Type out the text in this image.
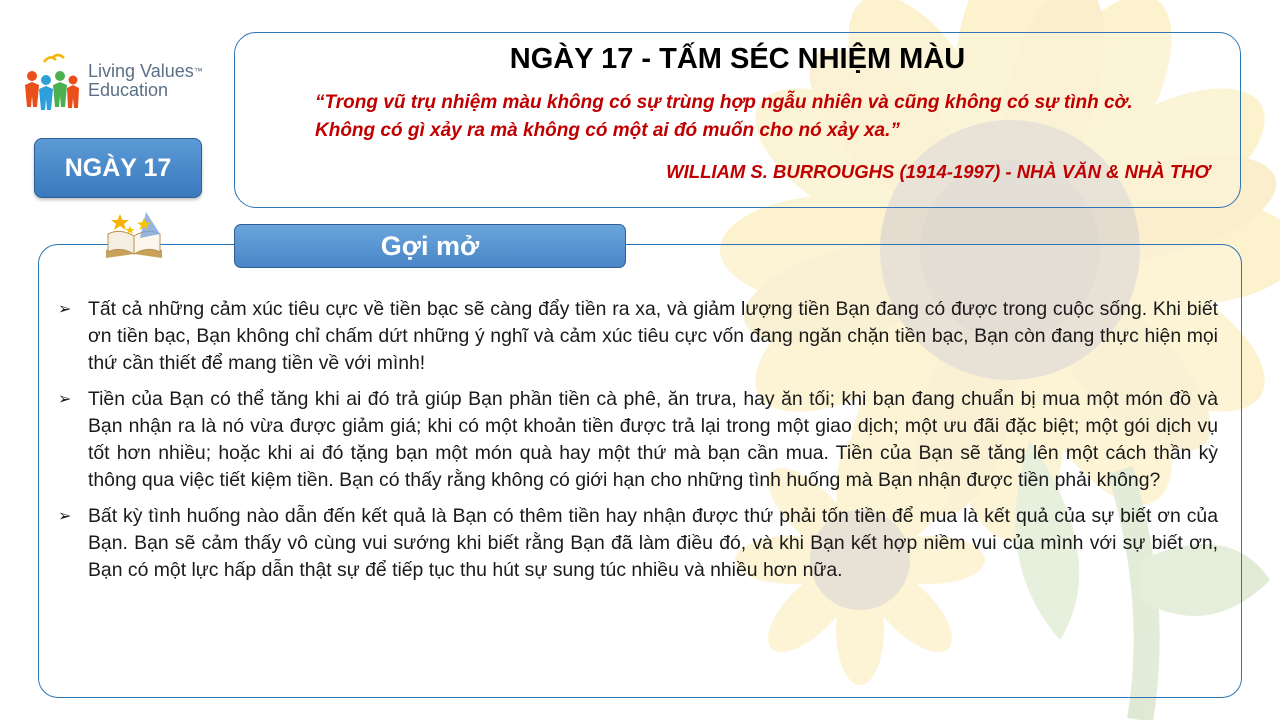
Living Values™
Education
NGÀY 17
NGÀY 17 - TẤM SÉC NHIỆM MÀU
“Trong vũ trụ nhiệm màu không có sự trùng hợp ngẫu nhiên và cũng không có sự tình cờ.
Không có gì xảy ra mà không có một ai đó muốn cho nó xảy xa.”
WILLIAM S. BURROUGHS (1914-1997) - NHÀ VĂN & NHÀ THƠ
Gợi mở
➢ Tất cả những cảm xúc tiêu cực về tiền bạc sẽ càng đẩy tiền ra xa, và giảm lượng tiền Bạn đang có được trong cuộc sống. Khi biết ơn tiền bạc, Bạn không chỉ chấm dứt những ý nghĩ và cảm xúc tiêu cực vốn đang ngăn chặn tiền bạc, Bạn còn đang thực hiện mọi thứ cần thiết để mang tiền về với mình!
➢ Tiền của Bạn có thể tăng khi ai đó trả giúp Bạn phần tiền cà phê, ăn trưa, hay ăn tối; khi bạn đang chuẩn bị mua một món đồ và Bạn nhận ra là nó vừa được giảm giá; khi có một khoản tiền được trả lại trong một giao dịch; một ưu đãi đặc biệt; một gói dịch vụ tốt hơn nhiều; hoặc khi ai đó tặng bạn một món quà hay một thứ mà bạn cần mua. Tiền của Bạn sẽ tăng lên một cách thần kỳ thông qua việc tiết kiệm tiền. Bạn có thấy rằng không có giới hạn cho những tình huống mà Bạn nhận được tiền phải không?
➢ Bất kỳ tình huống nào dẫn đến kết quả là Bạn có thêm tiền hay nhận được thứ phải tốn tiền để mua là kết quả của sự biết ơn của Bạn. Bạn sẽ cảm thấy vô cùng vui sướng khi biết rằng Bạn đã làm điều đó, và khi Bạn kết hợp niềm vui của mình với sự biết ơn, Bạn có một lực hấp dẫn thật sự để tiếp tục thu hút sự sung túc nhiều và nhiều hơn nữa.
